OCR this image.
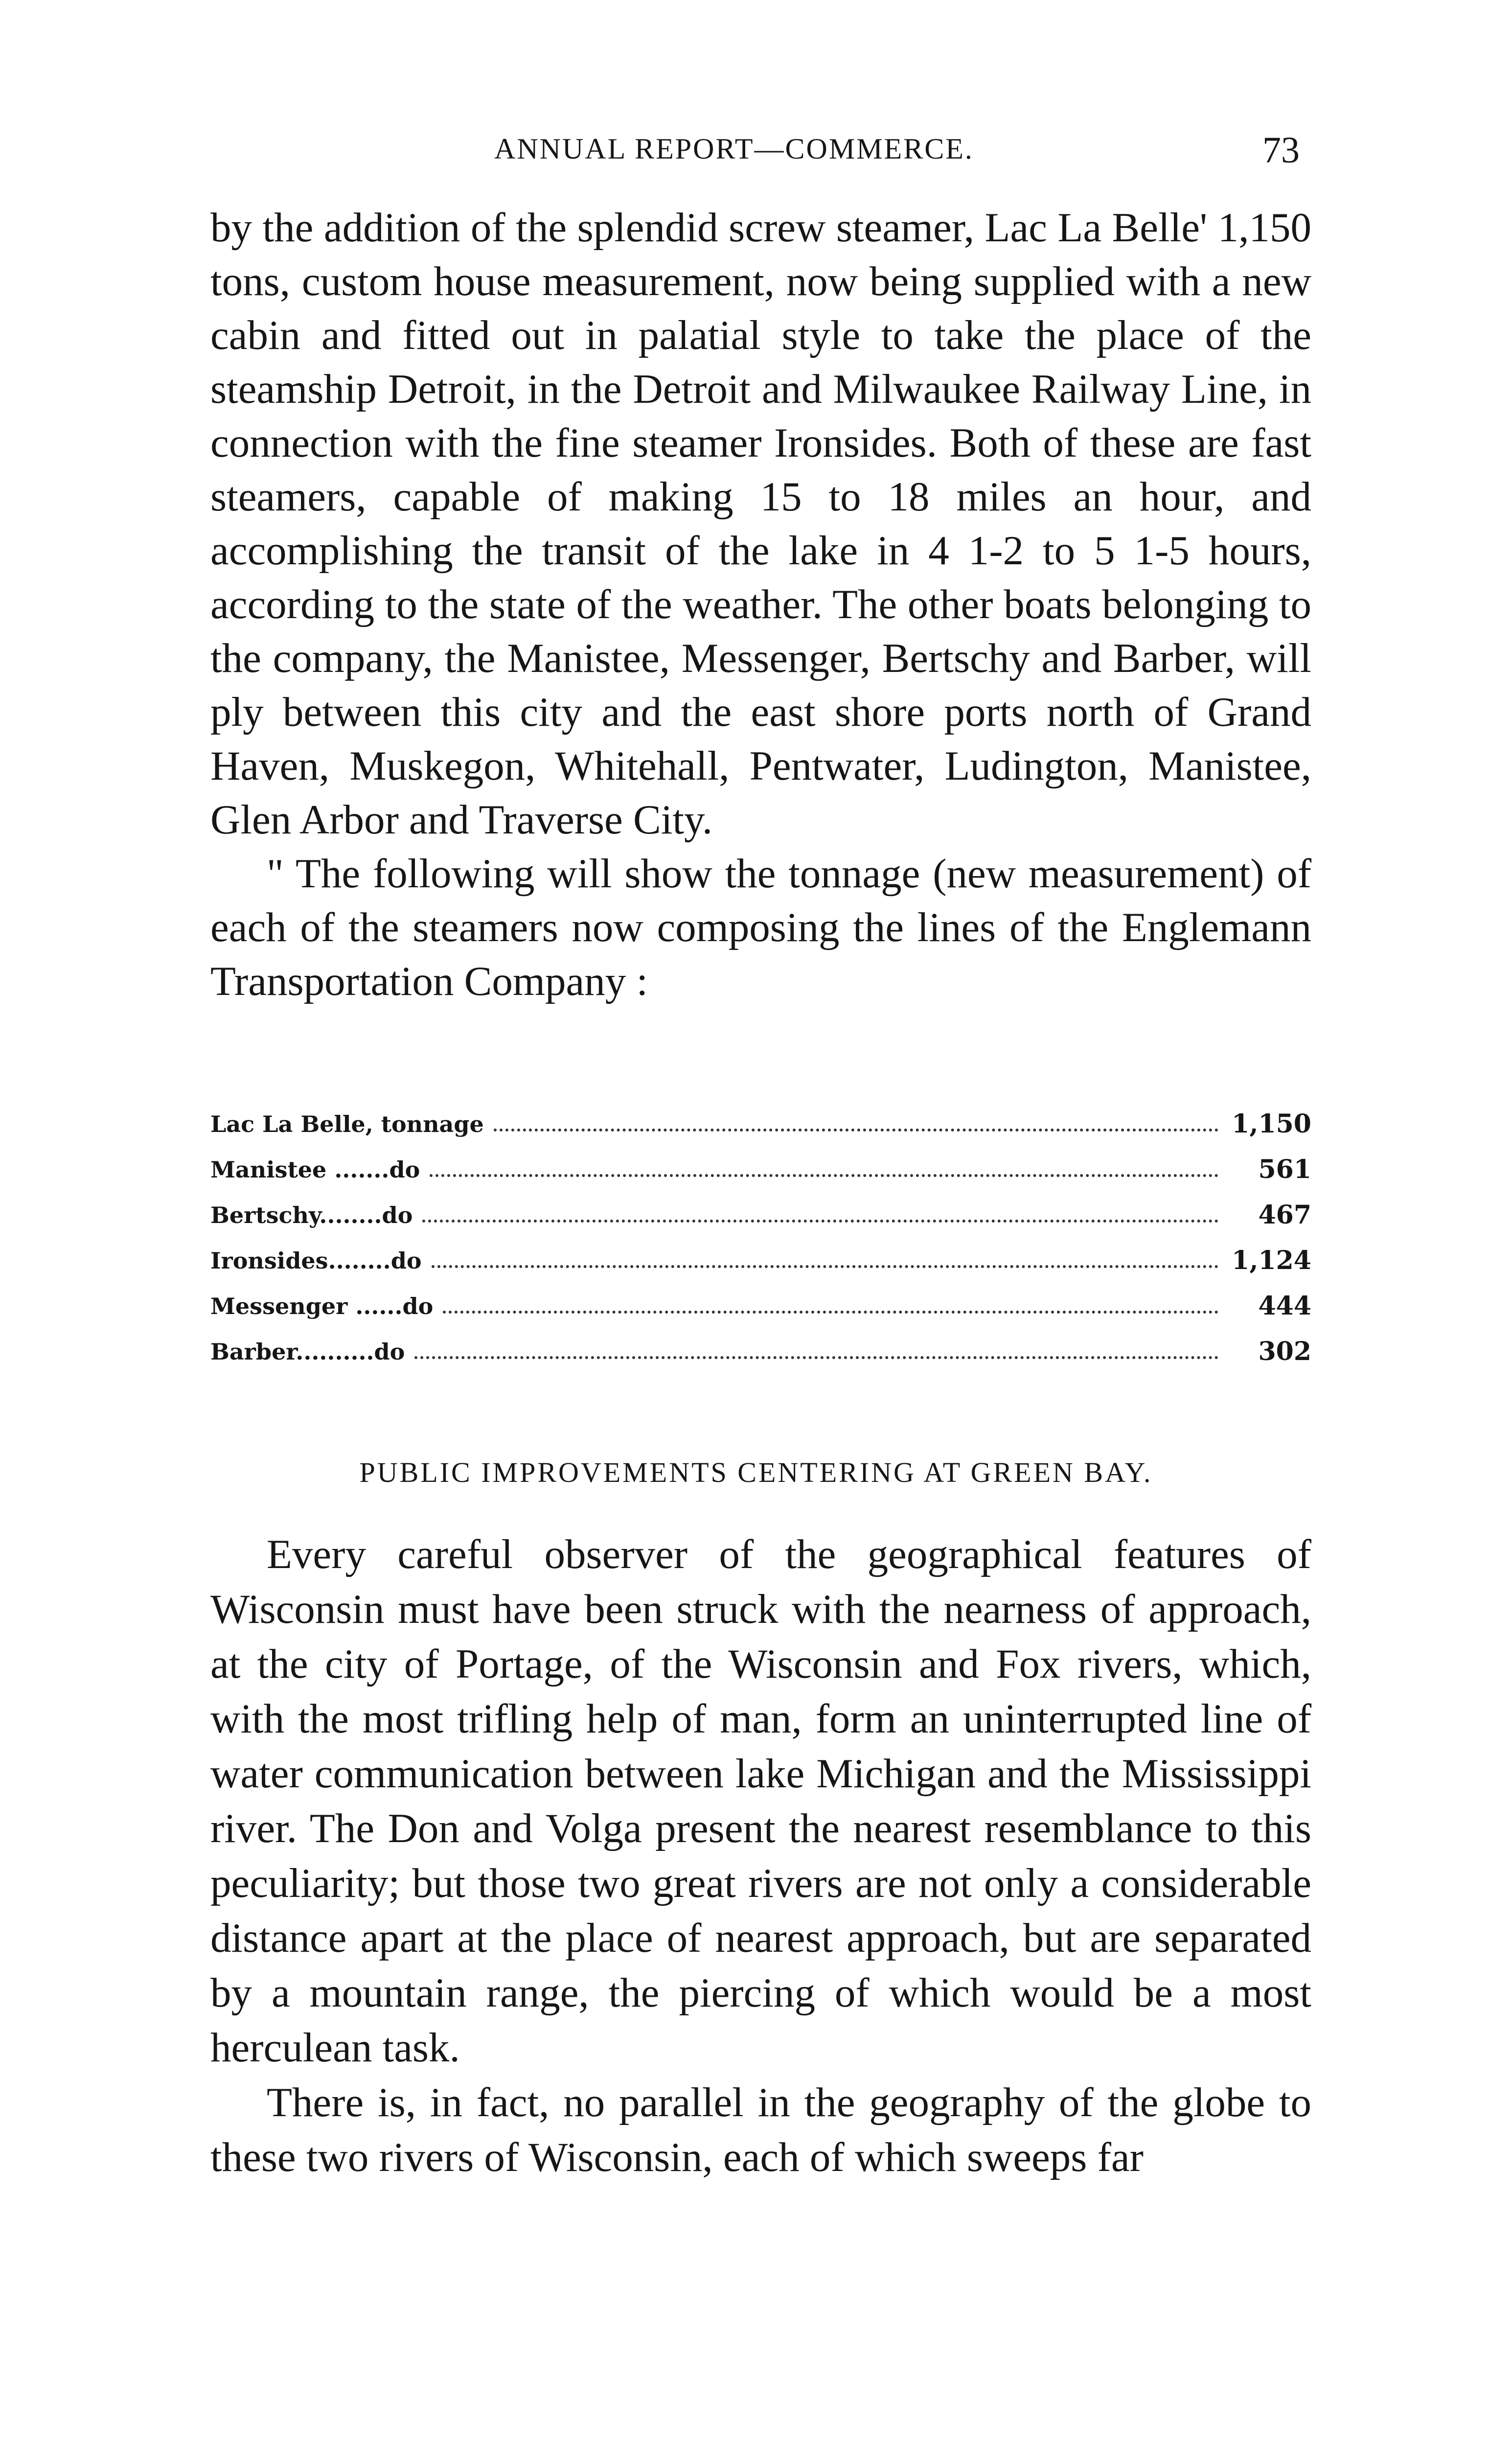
ANNUAL REPORT—COMMERCE.	73

by the addition of the splendid screw steamer, Lac La Belle' 1,150 tons, custom house measurement, now being supplied with a new cabin and fitted out in palatial style to take the place of the steamship Detroit, in the Detroit and Milwaukee Railway Line, in connection with the fine steamer Ironsides. Both of these are fast steamers, capable of making 15 to 18 miles an hour, and accomplishing the transit of the lake in 4 1-2 to 5 1-5 hours, according to the state of the weather. The other boats belonging to the company, the Manistee, Messenger, Bertschy and Barber, will ply between this city and the east shore ports north of Grand Haven, Muskegon, Whitehall, Pentwater, Ludington, Manistee, Glen Arbor and Traverse City.

" The following will show the tonnage (new measurement) of each of the steamers now composing the lines of the Englemann Transportation Company :

Lac La Belle, tonnage	1,150
Manistee .......do	561
Bertschy........do	467
Ironsides........do	1,124
Messenger ......do	444
Barber..........do	302
PUBLIC IMPROVEMENTS CENTERING AT GREEN BAY.

Every careful observer of the geographical features of Wisconsin must have been struck with the nearness of approach, at the city of Portage, of the Wisconsin and Fox rivers, which, with the most trifling help of man, form an uninterrupted line of water communication between lake Michigan and the Mississippi river. The Don and Volga present the nearest resemblance to this peculiarity; but those two great rivers are not only a considerable distance apart at the place of nearest approach, but are separated by a mountain range, the piercing of which would be a most herculean task.

There is, in fact, no parallel in the geography of the globe to these two rivers of Wisconsin, each of which sweeps far
